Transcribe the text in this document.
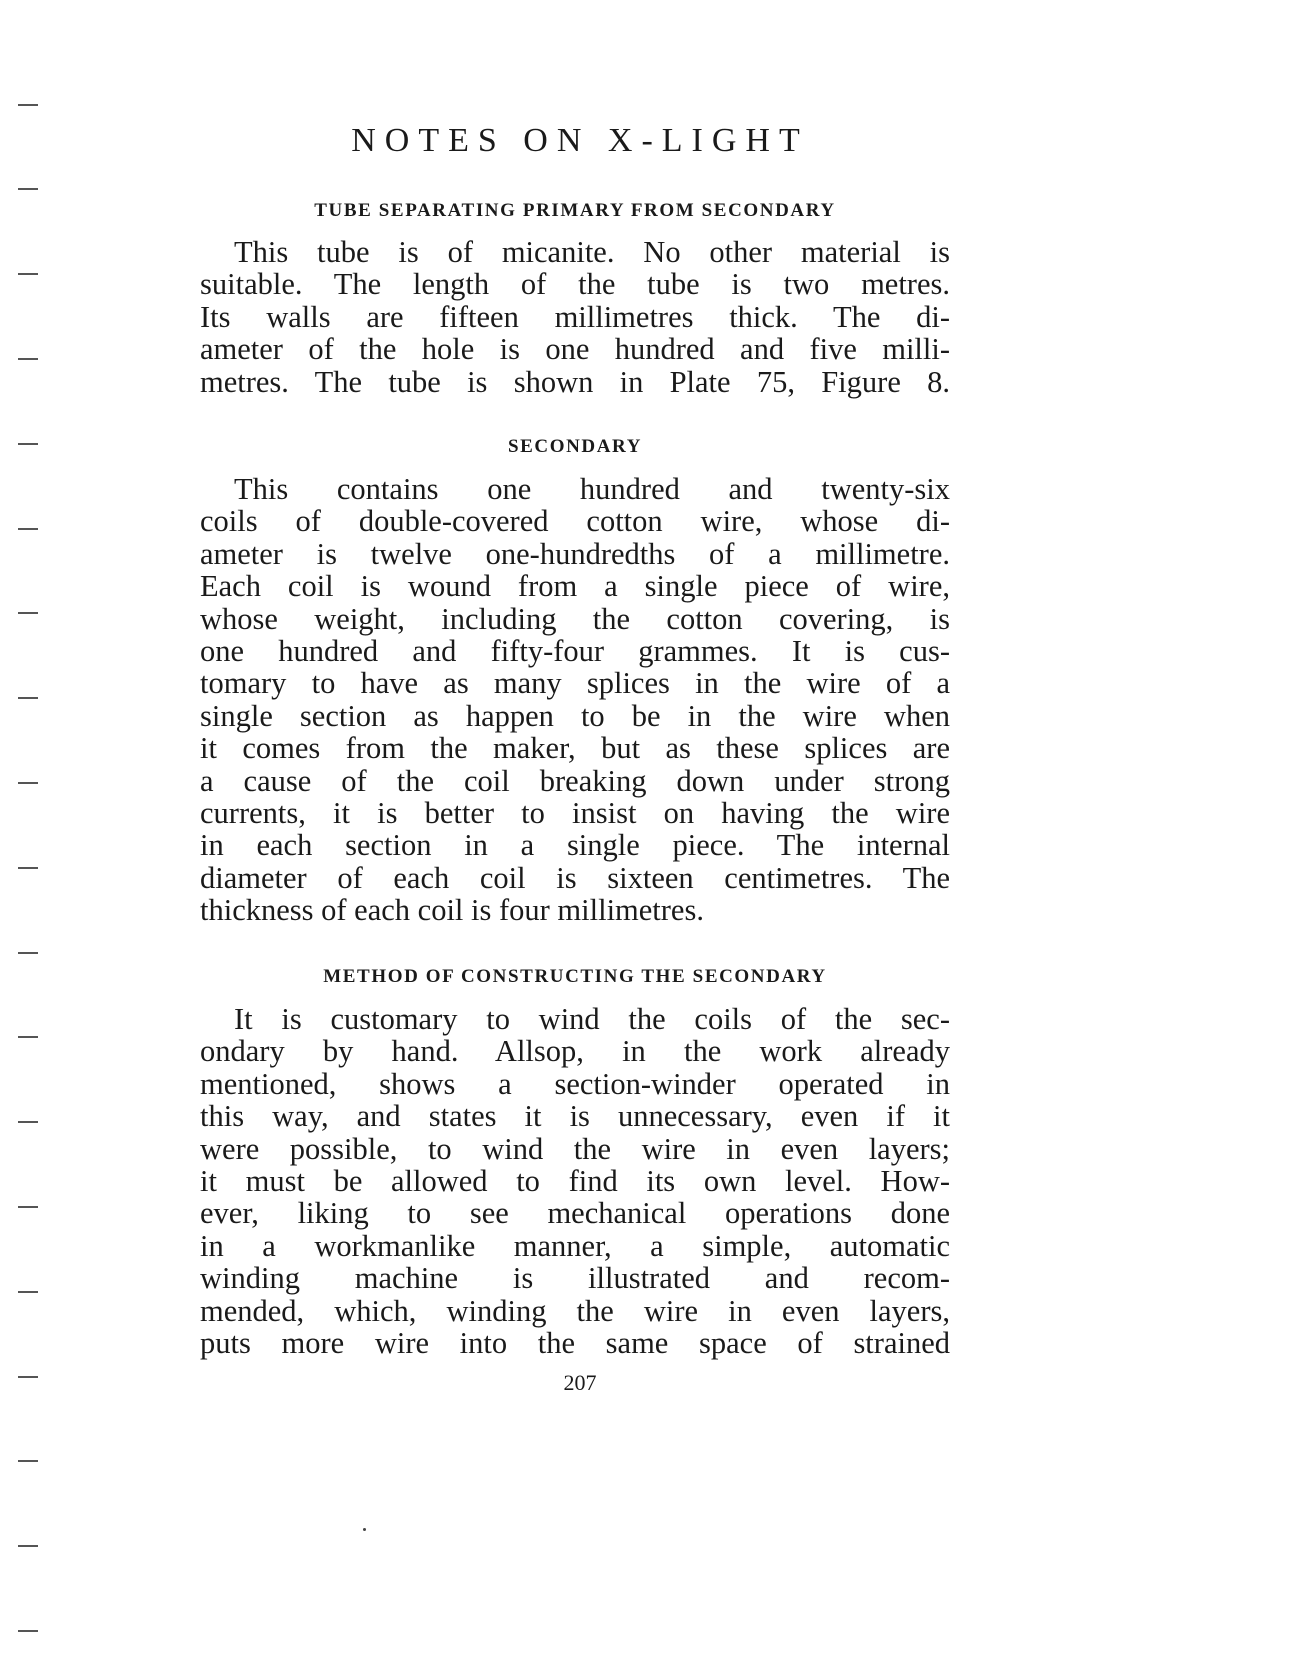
NOTES ON X-LIGHT
TUBE SEPARATING PRIMARY FROM SECONDARY
This tube is of micanite. No other material is
suitable. The length of the tube is two metres.
Its walls are fifteen millimetres thick. The di-
ameter of the hole is one hundred and five milli-
metres. The tube is shown in Plate 75, Figure 8.
SECONDARY
This contains one hundred and twenty-six
coils of double-covered cotton wire, whose di-
ameter is twelve one-hundredths of a millimetre.
Each coil is wound from a single piece of wire,
whose weight, including the cotton covering, is
one hundred and fifty-four grammes. It is cus-
tomary to have as many splices in the wire of a
single section as happen to be in the wire when
it comes from the maker, but as these splices are
a cause of the coil breaking down under strong
currents, it is better to insist on having the wire
in each section in a single piece. The internal
diameter of each coil is sixteen centimetres. The
thickness of each coil is four millimetres.
METHOD OF CONSTRUCTING THE SECONDARY
It is customary to wind the coils of the sec-
ondary by hand. Allsop, in the work already
mentioned, shows a section-winder operated in
this way, and states it is unnecessary, even if it
were possible, to wind the wire in even layers;
it must be allowed to find its own level. How-
ever, liking to see mechanical operations done
in a workmanlike manner, a simple, automatic
winding machine is illustrated and recom-
mended, which, winding the wire in even layers,
puts more wire into the same space of strained
207
